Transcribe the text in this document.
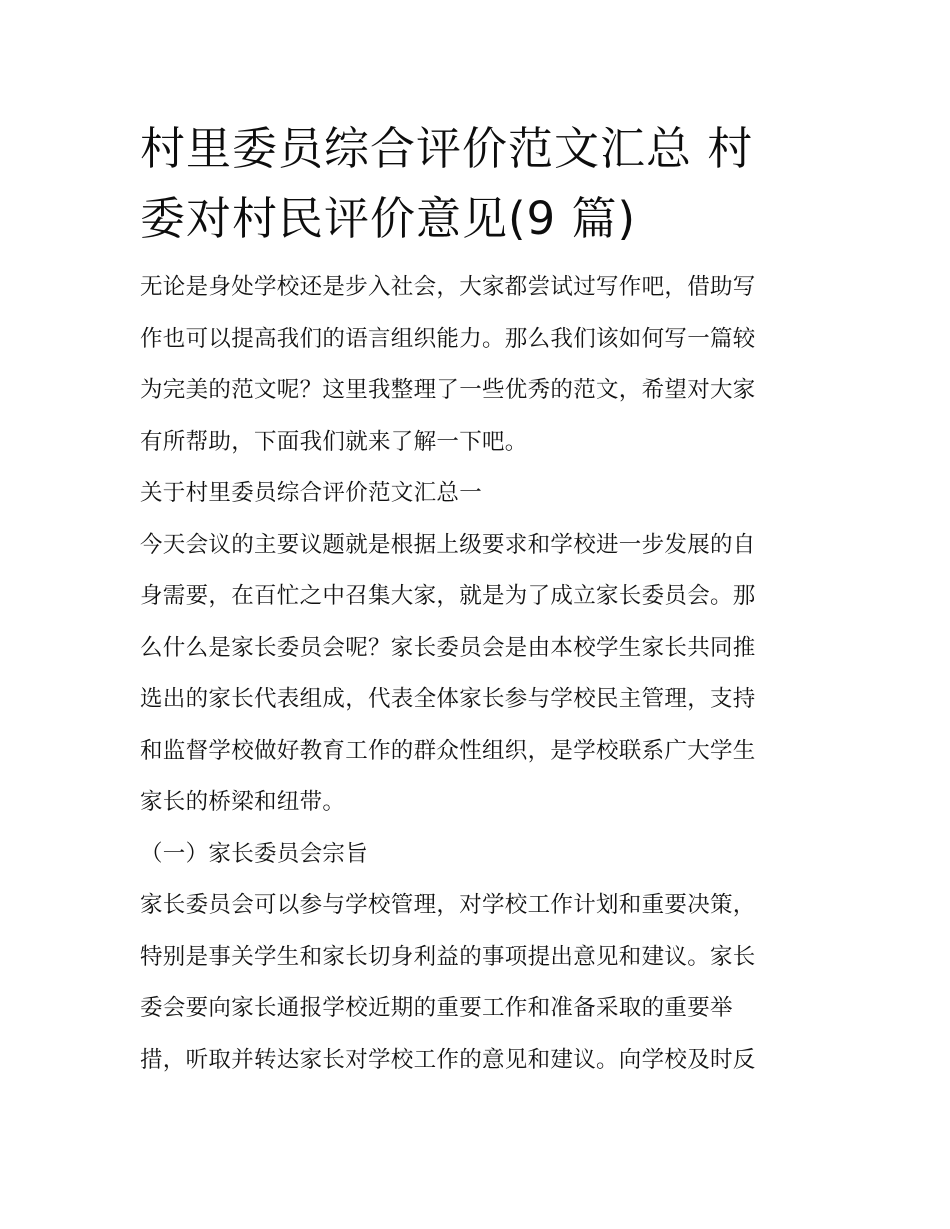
村里委员综合评价范文汇总 村
委对村民评价意见(9 篇)
无论是身处学校还是步入社会，大家都尝试过写作吧，借助写
作也可以提高我们的语言组织能力。那么我们该如何写一篇较
为完美的范文呢？这里我整理了一些优秀的范文，希望对大家
有所帮助，下面我们就来了解一下吧。
关于村里委员综合评价范文汇总一
今天会议的主要议题就是根据上级要求和学校进一步发展的自
身需要，在百忙之中召集大家，就是为了成立家长委员会。那
么什么是家长委员会呢？家长委员会是由本校学生家长共同推
选出的家长代表组成，代表全体家长参与学校民主管理，支持
和监督学校做好教育工作的群众性组织，是学校联系广大学生
家长的桥梁和纽带。
（一）家长委员会宗旨
家长委员会可以参与学校管理，对学校工作计划和重要决策，
特别是事关学生和家长切身利益的事项提出意见和建议。家长
委会要向家长通报学校近期的重要工作和准备采取的重要举
措，听取并转达家长对学校工作的意见和建议。向学校及时反
